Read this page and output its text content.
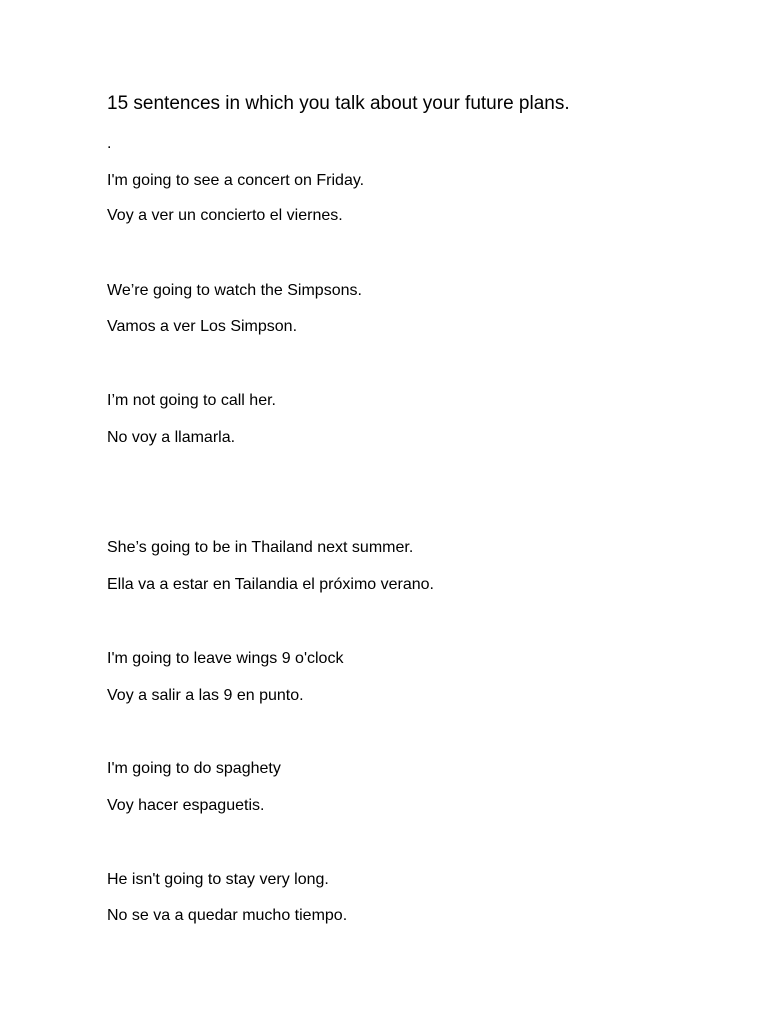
15 sentences in which you talk about your future plans.
.
I'm going to see a concert on Friday.
Voy a ver un concierto el viernes.
We’re going to watch the Simpsons.
Vamos a ver Los Simpson.
I’m not going to call her.
No voy a llamarla.
She’s going to be in Thailand next summer.
Ella va a estar en Tailandia el próximo verano.
I'm going to leave wings 9 o'clock
Voy a salir a las 9 en punto.
I'm going to do spaghety
Voy hacer espaguetis.
He isn't going to stay very long.
No se va a quedar mucho tiempo.
